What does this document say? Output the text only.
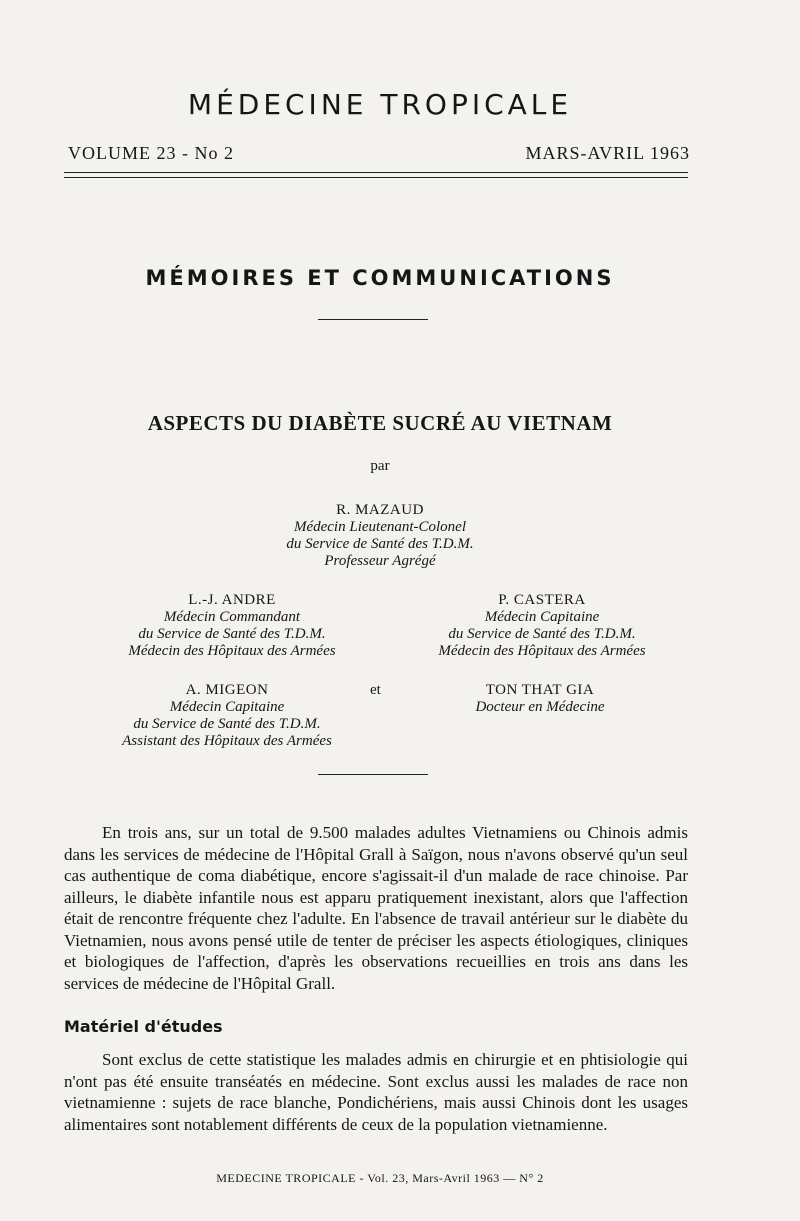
MÉDECINE TROPICALE
VOLUME 23 - No 2	MARS-AVRIL 1963
MÉMOIRES ET COMMUNICATIONS
ASPECTS DU DIABÈTE SUCRÉ AU VIETNAM
par
R. MAZAUD
Médecin Lieutenant-Colonel
du Service de Santé des T.D.M.
Professeur Agrégé
L.-J. ANDRE
Médecin Commandant
du Service de Santé des T.D.M.
Médecin des Hôpitaux des Armées
P. CASTERA
Médecin Capitaine
du Service de Santé des T.D.M.
Médecin des Hôpitaux des Armées
A. MIGEON
Médecin Capitaine
du Service de Santé des T.D.M.
Assistant des Hôpitaux des Armées
et	TON THAT GIA
Docteur en Médecine

En trois ans, sur un total de 9.500 malades adultes Vietnamiens ou Chinois admis dans les services de médecine de l'Hôpital Grall à Saïgon, nous n'avons observé qu'un seul cas authentique de coma diabétique, encore s'agissait-il d'un malade de race chinoise. Par ailleurs, le diabète infantile nous est apparu pratiquement inexistant, alors que l'affection était de rencontre fréquente chez l'adulte. En l'absence de travail antérieur sur le diabète du Vietnamien, nous avons pensé utile de tenter de préciser les aspects étiologiques, cliniques et biologiques de l'affection, d'après les observations recueillies en trois ans dans les services de médecine de l'Hôpital Grall.

Matériel d'études

Sont exclus de cette statistique les malades admis en chirurgie et en phtisiologie qui n'ont pas été ensuite transéatés en médecine. Sont exclus aussi les malades de race non vietnamienne : sujets de race blanche, Pondichériens, mais aussi Chinois dont les usages alimentaires sont notablement différents de ceux de la population vietnamienne.

MEDECINE TROPICALE - Vol. 23, Mars-Avril 1963 — N° 2
